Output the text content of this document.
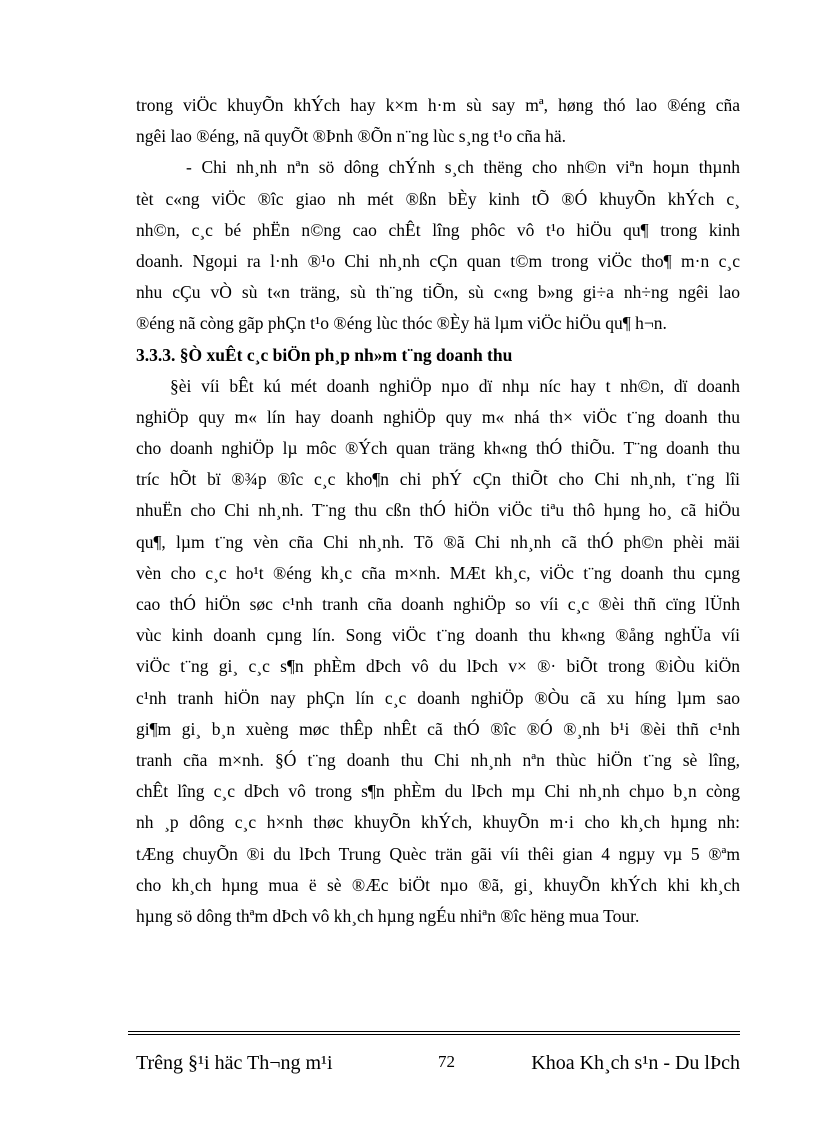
trong viÖc khuyÕn khÝch hay k×m h·m sù say mª, høng thó lao ®éng cña
ngêi lao ®éng, nã quyÕt ®Þnh ®Õn n¨ng lùc s¸ng t¹o cña hä.
- Chi nh¸nh nªn sö dông chÝnh s¸ch thëng cho nh©n viªn hoµn thµnh
tèt c«ng viÖc ®îc giao nh mét ®ßn bÈy kinh tÕ ®Ó khuyÕn khÝch c¸
nh©n, c¸c bé phËn n©ng cao chÊt lîng phôc vô t¹o hiÖu qu¶ trong kinh
doanh. Ngoµi ra l·nh ®¹o Chi nh¸nh cÇn quan t©m trong viÖc tho¶ m·n c¸c
nhu cÇu vÒ sù t«n träng, sù th¨ng tiÕn, sù c«ng b»ng gi÷a nh÷ng ngêi lao
®éng nã còng gãp phÇn t¹o ®éng lùc thóc ®Èy hä lµm viÖc hiÖu qu¶ h¬n.
3.3.3. §Ò xuÊt c¸c biÖn ph¸p nh»m t¨ng doanh thu
§èi víi bÊt kú mét doanh nghiÖp nµo dï nhµ níc hay t nh©n, dï doanh
nghiÖp quy m« lín hay doanh nghiÖp quy m« nhá th× viÖc t¨ng doanh thu
cho doanh nghiÖp lµ môc ®Ých quan träng kh«ng thÓ thiÕu. T¨ng doanh thu
tríc hÕt bï ®¾p ®îc c¸c kho¶n chi phÝ cÇn thiÕt cho Chi nh¸nh, t¨ng lîi
nhuËn cho Chi nh¸nh. T¨ng thu cßn thÓ hiÖn viÖc tiªu thô hµng ho¸ cã hiÖu
qu¶, lµm t¨ng vèn cña Chi nh¸nh. Tõ ®ã Chi nh¸nh cã thÓ ph©n phèi mäi
vèn cho c¸c ho¹t ®éng kh¸c cña m×nh. MÆt kh¸c, viÖc t¨ng doanh thu cµng
cao thÓ hiÖn søc c¹nh tranh cña doanh nghiÖp so víi c¸c ®èi thñ cïng lÜnh
vùc kinh doanh cµng lín. Song viÖc t¨ng doanh thu kh«ng ®ång nghÜa víi
viÖc t¨ng gi¸ c¸c s¶n phÈm dÞch vô du lÞch v× ®· biÕt trong ®iÒu kiÖn
c¹nh tranh hiÖn nay phÇn lín c¸c doanh nghiÖp ®Òu cã xu híng lµm sao
gi¶m gi¸ b¸n xuèng møc thÊp nhÊt cã thÓ ®îc ®Ó ®¸nh b¹i ®èi thñ c¹nh
tranh cña m×nh. §Ó t¨ng doanh thu Chi nh¸nh nªn thùc hiÖn t¨ng sè lîng,
chÊt lîng c¸c dÞch vô trong s¶n phÈm du lÞch mµ Chi nh¸nh chµo b¸n còng
nh ¸p dông c¸c h×nh thøc khuyÕn khÝch, khuyÕn m·i cho kh¸ch hµng nh:
tÆng chuyÕn ®i du lÞch Trung Quèc trän gãi víi thêi gian 4 ngµy vµ 5 ®ªm
cho kh¸ch hµng mua ë sè ®Æc biÖt nµo ®ã, gi¸ khuyÕn khÝch khi kh¸ch
hµng sö dông thªm dÞch vô kh¸ch hµng ngÉu nhiªn ®îc hëng mua Tour.
Trêng §¹i häc Th¬ng m¹i	72	Khoa Kh¸ch s¹n - Du lÞch
